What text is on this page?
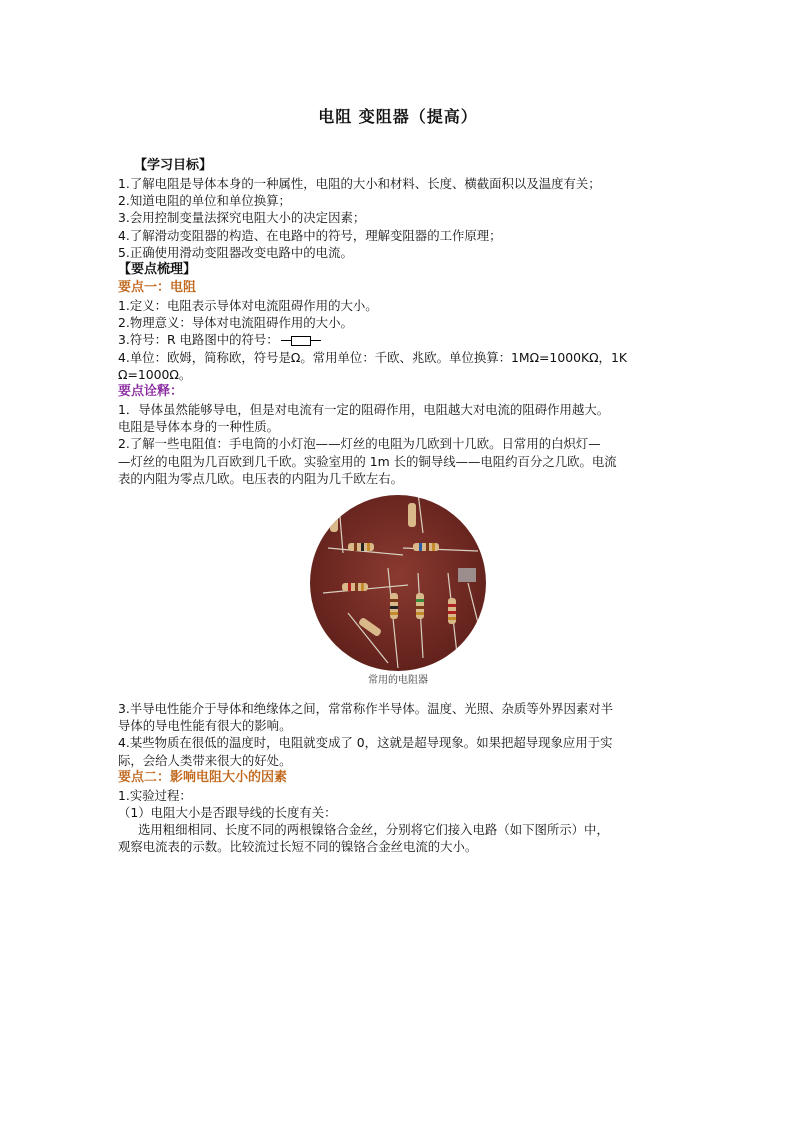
电阻 变阻器（提高）
【学习目标】
1.了解电阻是导体本身的一种属性，电阻的大小和材料、长度、横截面积以及温度有关；
2.知道电阻的单位和单位换算；
3.会用控制变量法探究电阻大小的决定因素；
4.了解滑动变阻器的构造、在电路中的符号，理解变阻器的工作原理；
5.正确使用滑动变阻器改变电路中的电流。
【要点梳理】
要点一：电阻
1.定义：电阻表示导体对电流阻碍作用的大小。
2.物理意义：导体对电流阻碍作用的大小。
3.符号：R 电路图中的符号：
4.单位：欧姆，简称欧，符号是Ω。常用单位：千欧、兆欧。单位换算：1MΩ=1000KΩ，1K
Ω=1000Ω。
要点诠释：
1．导体虽然能够导电，但是对电流有一定的阻碍作用，电阻越大对电流的阻碍作用越大。
电阻是导体本身的一种性质。
2.了解一些电阻值：手电筒的小灯泡——灯丝的电阻为几欧到十几欧。日常用的白炽灯—
—灯丝的电阻为几百欧到几千欧。实验室用的 1m 长的铜导线——电阻约百分之几欧。电流
表的内阻为零点几欧。电压表的内阻为几千欧左右。
常用的电阻器
3.半导电性能介于导体和绝缘体之间，常常称作半导体。温度、光照、杂质等外界因素对半
导体的导电性能有很大的影响。
4.某些物质在很低的温度时，电阻就变成了 0，这就是超导现象。如果把超导现象应用于实
际，会给人类带来很大的好处。
要点二：影响电阻大小的因素
1.实验过程：
（1）电阻大小是否跟导线的长度有关：
选用粗细相同、长度不同的两根镍铬合金丝，分别将它们接入电路（如下图所示）中，
观察电流表的示数。比较流过长短不同的镍铬合金丝电流的大小。
